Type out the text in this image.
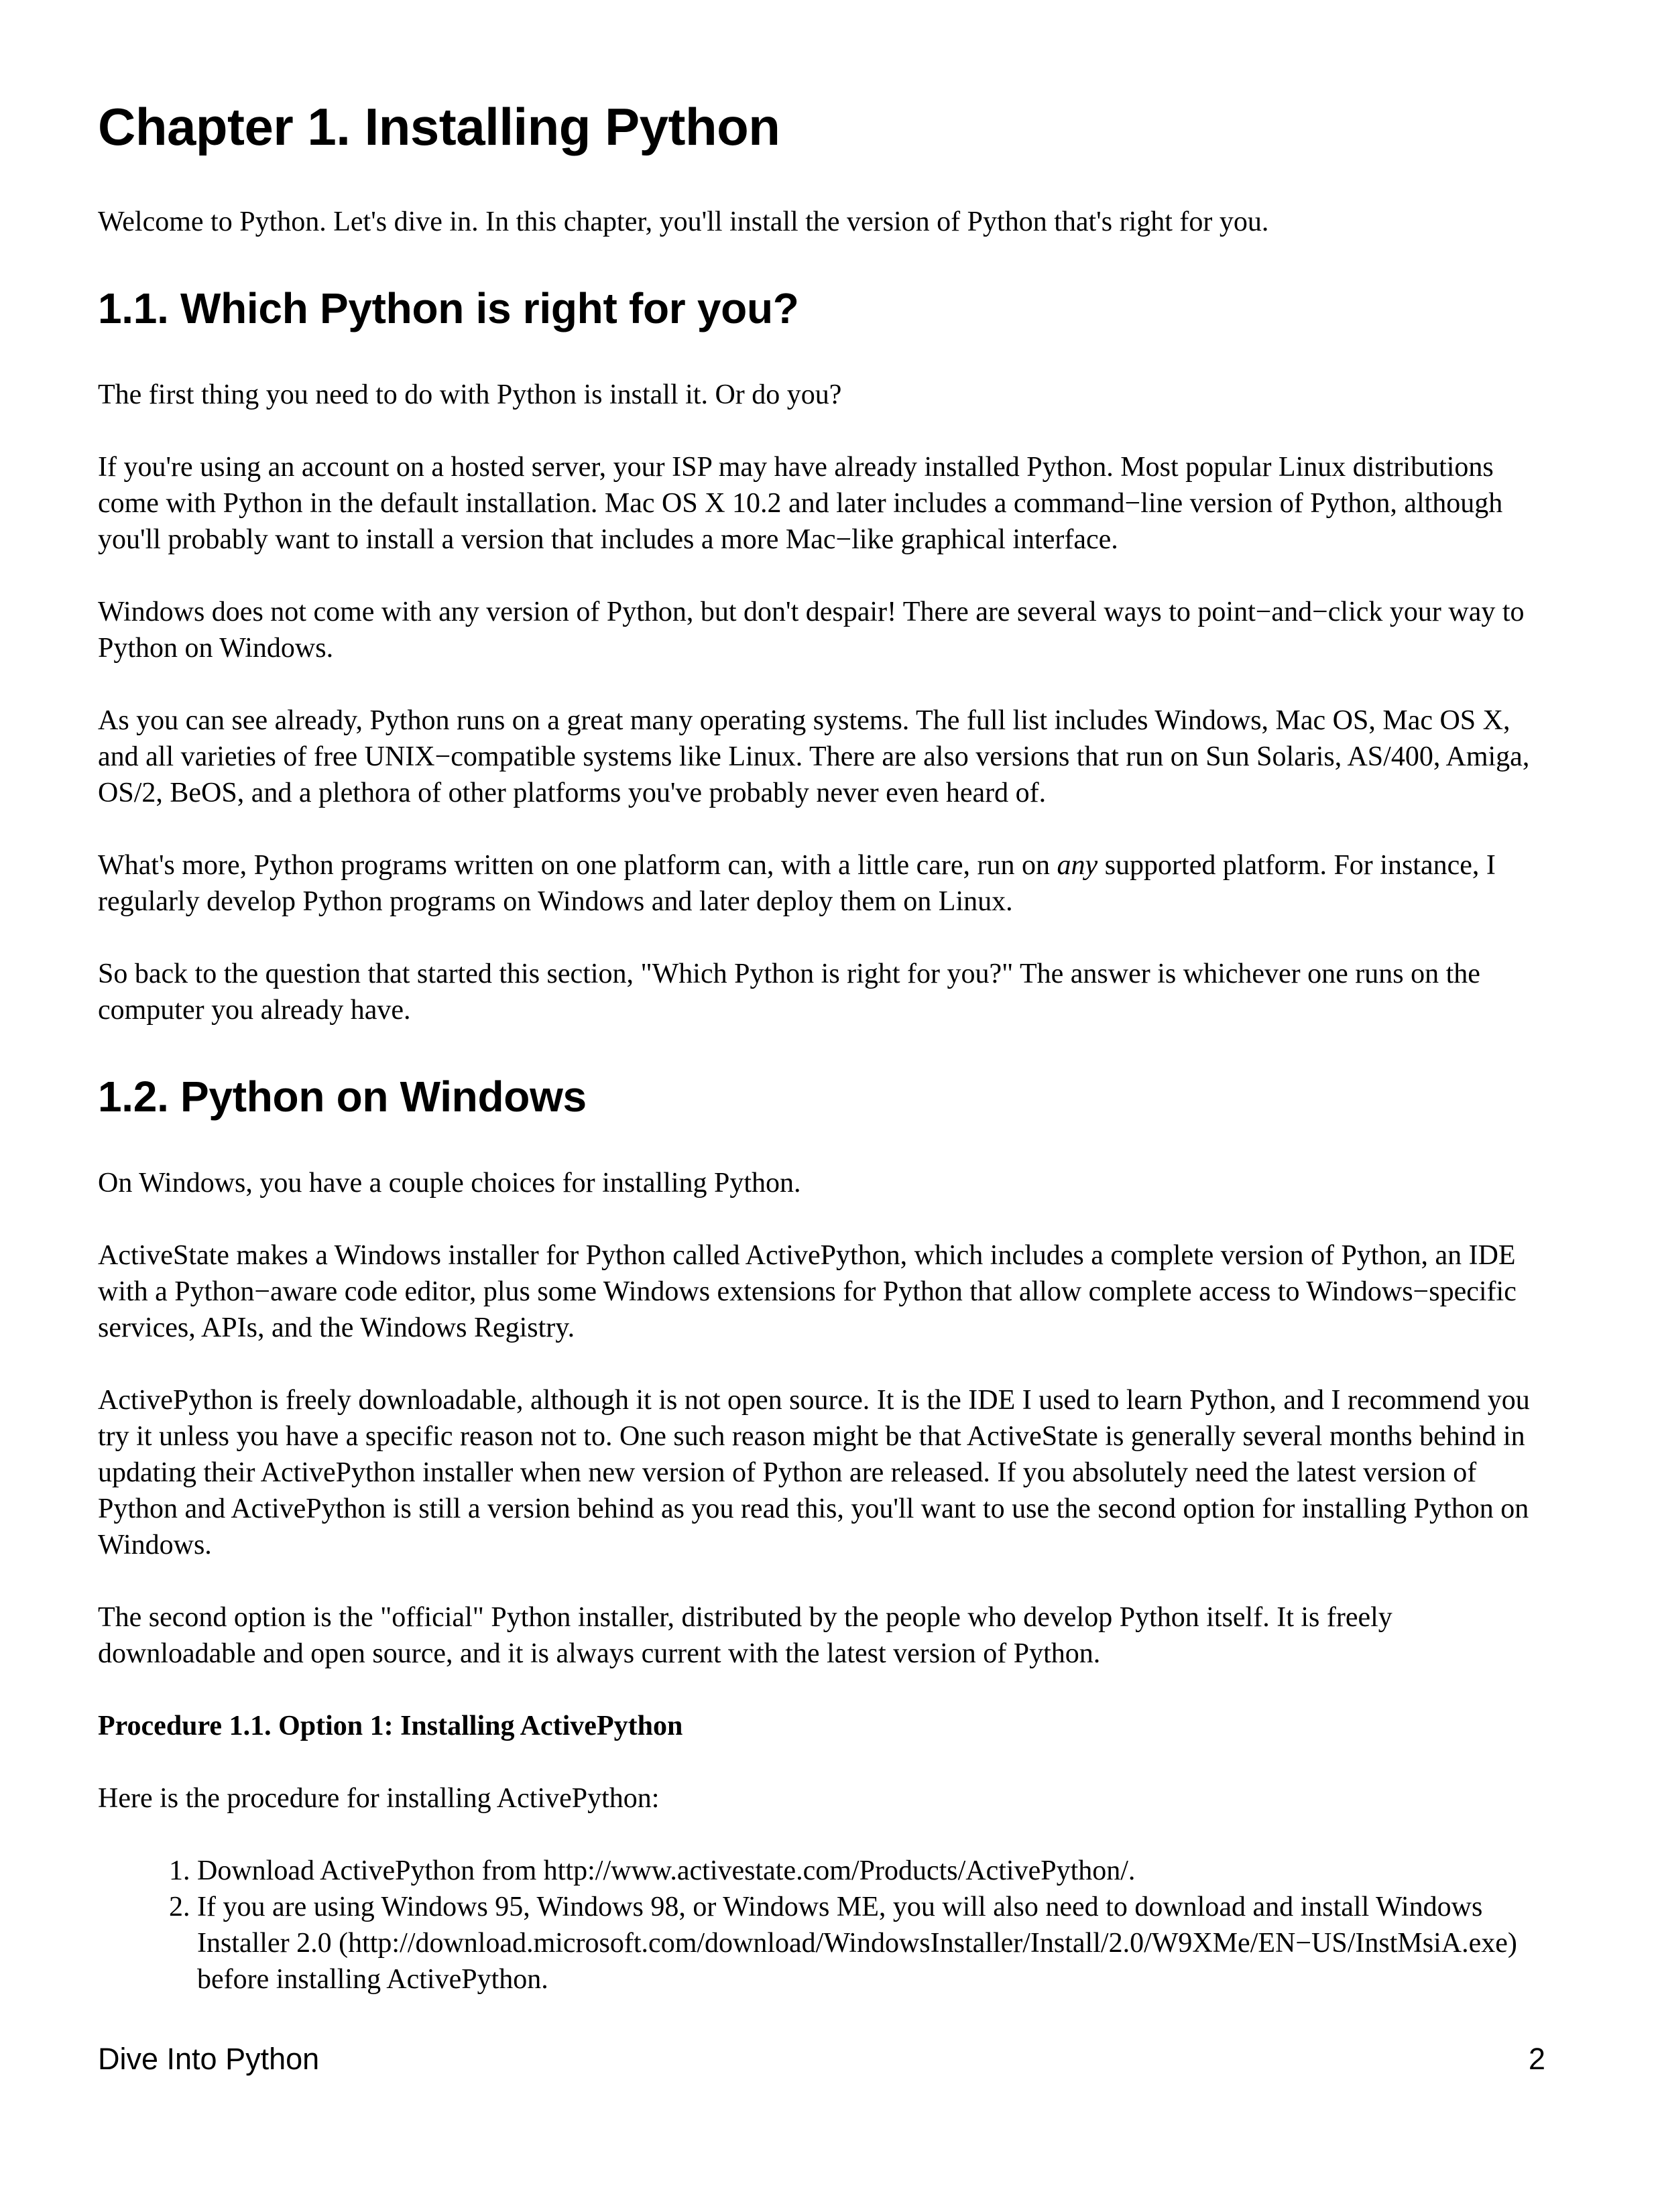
Chapter 1. Installing Python

Welcome to Python. Let's dive in. In this chapter, you'll install the version of Python that's right for you.

1.1. Which Python is right for you?

The first thing you need to do with Python is install it. Or do you?

If you're using an account on a hosted server, your ISP may have already installed Python. Most popular Linux distributions come with Python in the default installation. Mac OS X 10.2 and later includes a command−line version of Python, although you'll probably want to install a version that includes a more Mac−like graphical interface.

Windows does not come with any version of Python, but don't despair! There are several ways to point−and−click your way to Python on Windows.

As you can see already, Python runs on a great many operating systems. The full list includes Windows, Mac OS, Mac OS X, and all varieties of free UNIX−compatible systems like Linux. There are also versions that run on Sun Solaris, AS/400, Amiga, OS/2, BeOS, and a plethora of other platforms you've probably never even heard of.

What's more, Python programs written on one platform can, with a little care, run on any supported platform. For instance, I regularly develop Python programs on Windows and later deploy them on Linux.

So back to the question that started this section, "Which Python is right for you?" The answer is whichever one runs on the computer you already have.

1.2. Python on Windows

On Windows, you have a couple choices for installing Python.

ActiveState makes a Windows installer for Python called ActivePython, which includes a complete version of Python, an IDE with a Python−aware code editor, plus some Windows extensions for Python that allow complete access to Windows−specific services, APIs, and the Windows Registry.

ActivePython is freely downloadable, although it is not open source. It is the IDE I used to learn Python, and I recommend you try it unless you have a specific reason not to. One such reason might be that ActiveState is generally several months behind in updating their ActivePython installer when new version of Python are released. If you absolutely need the latest version of Python and ActivePython is still a version behind as you read this, you'll want to use the second option for installing Python on Windows.

The second option is the "official" Python installer, distributed by the people who develop Python itself. It is freely downloadable and open source, and it is always current with the latest version of Python.

Procedure 1.1. Option 1: Installing ActivePython

Here is the procedure for installing ActivePython:

1. Download ActivePython from http://www.activestate.com/Products/ActivePython/.
2. If you are using Windows 95, Windows 98, or Windows ME, you will also need to download and install Windows Installer 2.0 (http://download.microsoft.com/download/WindowsInstaller/Install/2.0/W9XMe/EN−US/InstMsiA.exe) before installing ActivePython.
Dive Into Python	2
